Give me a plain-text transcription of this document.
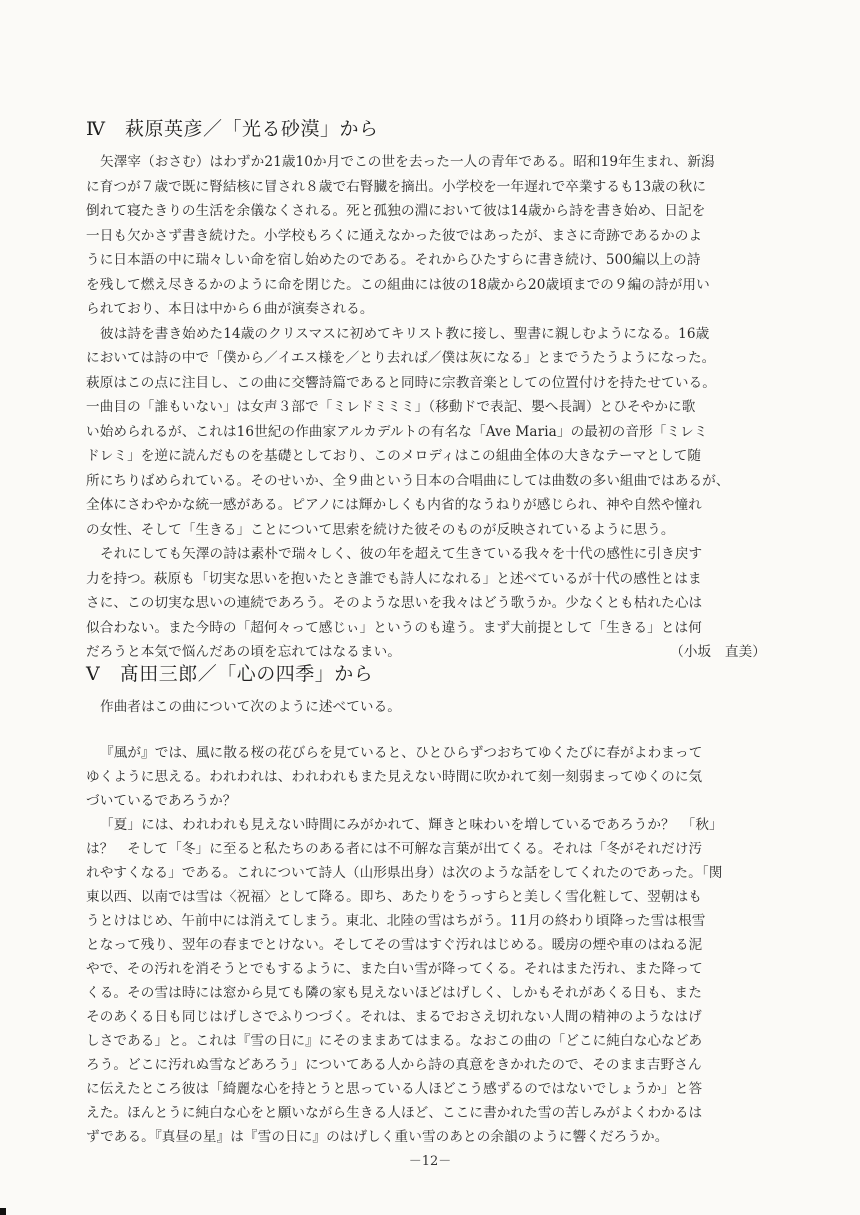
Ⅳ　萩原英彦／「光る砂漠」から
矢澤宰（おさむ）はわずか21歳10か月でこの世を去った一人の青年である。昭和19年生まれ、新潟
に育つが７歳で既に腎結核に冒され８歳で右腎臓を摘出。小学校を一年遅れで卒業するも13歳の秋に
倒れて寝たきりの生活を余儀なくされる。死と孤独の淵において彼は14歳から詩を書き始め、日記を
一日も欠かさず書き続けた。小学校もろくに通えなかった彼ではあったが、まさに奇跡であるかのよ
うに日本語の中に瑞々しい命を宿し始めたのである。それからひたすらに書き続け、500編以上の詩
を残して燃え尽きるかのように命を閉じた。この組曲には彼の18歳から20歳頃までの９編の詩が用い
られており、本日は中から６曲が演奏される。
彼は詩を書き始めた14歳のクリスマスに初めてキリスト教に接し、聖書に親しむようになる。16歳
においては詩の中で「僕から／イエス様を／とり去れば／僕は灰になる」とまでうたうようになった。
萩原はこの点に注目し、この曲に交響詩篇であると同時に宗教音楽としての位置付けを持たせている。
一曲目の「誰もいない」は女声３部で「ミレドミミミ」（移動ドで表記、嬰へ長調）とひそやかに歌
い始められるが、これは16世紀の作曲家アルカデルトの有名な「Ave Maria」の最初の音形「ミレミ
ドレミ」を逆に読んだものを基礎としており、このメロディはこの組曲全体の大きなテーマとして随
所にちりばめられている。そのせいか、全９曲という日本の合唱曲にしては曲数の多い組曲ではあるが、
全体にさわやかな統一感がある。ピアノには輝かしくも内省的なうねりが感じられ、神や自然や憧れ
の女性、そして「生きる」ことについて思索を続けた彼そのものが反映されているように思う。
それにしても矢澤の詩は素朴で瑞々しく、彼の年を超えて生きている我々を十代の感性に引き戻す
力を持つ。萩原も「切実な思いを抱いたとき誰でも詩人になれる」と述べているが十代の感性とはま
さに、この切実な思いの連続であろう。そのような思いを我々はどう歌うか。少なくとも枯れた心は
似合わない。また今時の「超何々って感じぃ」というのも違う。まず大前提として「生きる」とは何
だろうと本気で悩んだあの頃を忘れてはなるまい。	（小坂　直美）
Ⅴ　髙田三郎／「心の四季」から
作曲者はこの曲について次のように述べている。
『風が』では、風に散る桜の花びらを見ていると、ひとひらずつおちてゆくたびに春がよわまって
ゆくように思える。われわれは、われわれもまた見えない時間に吹かれて刻一刻弱まってゆくのに気
づいているであろうか？
「夏」には、われわれも見えない時間にみがかれて、輝きと味わいを増しているであろうか？　「秋」
は？　そして「冬」に至ると私たちのある者には不可解な言葉が出てくる。それは「冬がそれだけ汚
れやすくなる」である。これについて詩人（山形県出身）は次のような話をしてくれたのであった。「関
東以西、以南では雪は〈祝福〉として降る。即ち、あたりをうっすらと美しく雪化粧して、翌朝はも
うとけはじめ、午前中には消えてしまう。東北、北陸の雪はちがう。11月の終わり頃降った雪は根雪
となって残り、翌年の春までとけない。そしてその雪はすぐ汚れはじめる。暖房の煙や車のはねる泥
やで、その汚れを消そうとでもするように、また白い雪が降ってくる。それはまた汚れ、また降って
くる。その雪は時には窓から見ても隣の家も見えないほどはげしく、しかもそれがあくる日も、また
そのあくる日も同じはげしさでふりつづく。それは、まるでおさえ切れない人間の精神のようなはげ
しさである」と。これは『雪の日に』にそのままあてはまる。なおこの曲の「どこに純白な心などあ
ろう。どこに汚れぬ雪などあろう」についてある人から詩の真意をきかれたので、そのまま吉野さん
に伝えたところ彼は「綺麗な心を持とうと思っている人ほどこう感ずるのではないでしょうか」と答
えた。ほんとうに純白な心をと願いながら生きる人ほど、ここに書かれた雪の苦しみがよくわかるは
ずである。『真昼の星』は『雪の日に』のはげしく重い雪のあとの余韻のように響くだろうか。
－12－
